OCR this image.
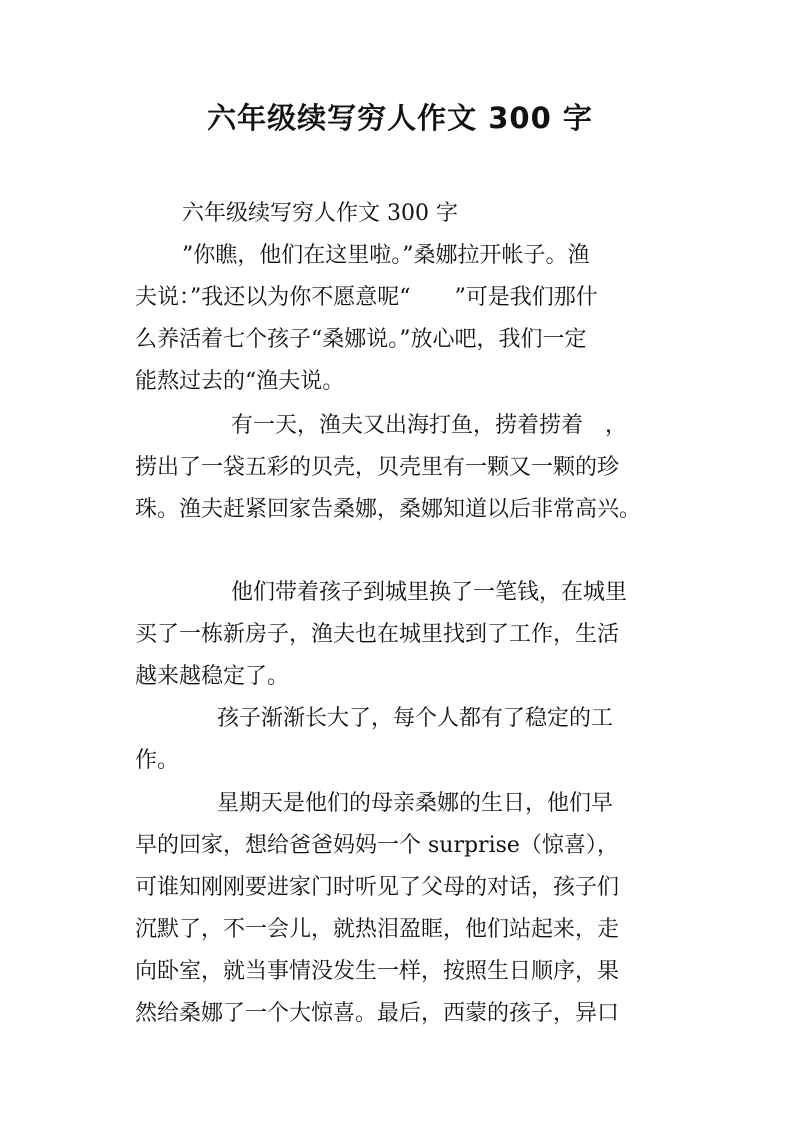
六年级续写穷人作文 300 字
六年级续写穷人作文 300 字
”你瞧，他们在这里啦。”桑娜拉开帐子。渔
夫说：”我还以为你不愿意呢“　　”可是我们那什
么养活着七个孩子“桑娜说。”放心吧，我们一定
能熬过去的“渔夫说。
有一天，渔夫又出海打鱼，捞着捞着　，
捞出了一袋五彩的贝壳，贝壳里有一颗又一颗的珍
珠。渔夫赶紧回家告桑娜，桑娜知道以后非常高兴。
他们带着孩子到城里换了一笔钱，在城里
买了一栋新房子，渔夫也在城里找到了工作，生活
越来越稳定了。
孩子渐渐长大了，每个人都有了稳定的工
作。
星期天是他们的母亲桑娜的生日，他们早
早的回家，想给爸爸妈妈一个 surprise（惊喜），
可谁知刚刚要进家门时听见了父母的对话，孩子们
沉默了，不一会儿，就热泪盈眶，他们站起来，走
向卧室，就当事情没发生一样，按照生日顺序，果
然给桑娜了一个大惊喜。最后，西蒙的孩子，异口
